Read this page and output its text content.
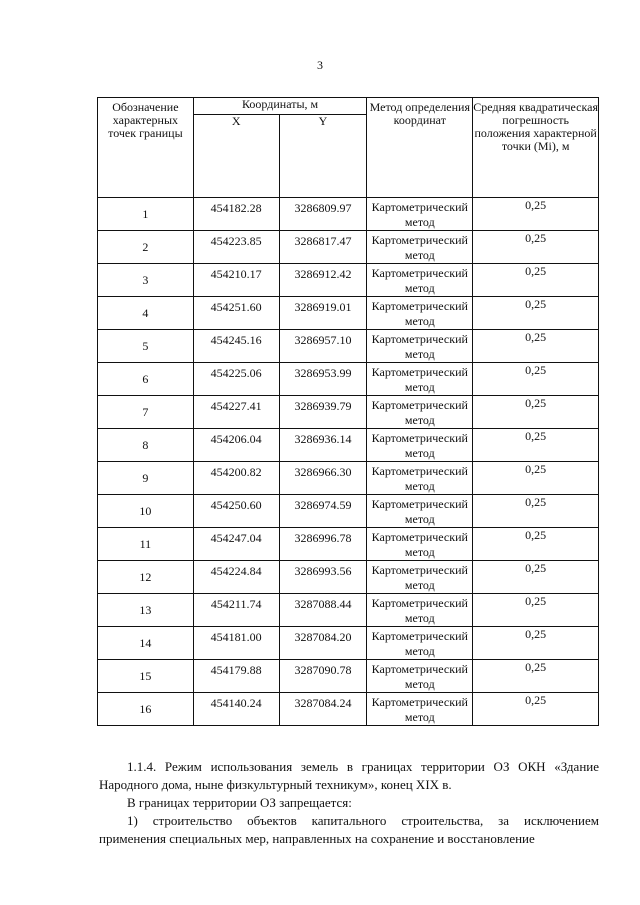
3
Обозначение характерных точек границы	Координаты, м		Метод определения координат	Средняя квадратическая погрешность положения характерной точки (Mi), м
	X	Y		
1	454182.28	3286809.97	Картометрический метод	0,25
2	454223.85	3286817.47	Картометрический метод	0,25
3	454210.17	3286912.42	Картометрический метод	0,25
4	454251.60	3286919.01	Картометрический метод	0,25
5	454245.16	3286957.10	Картометрический метод	0,25
6	454225.06	3286953.99	Картометрический метод	0,25
7	454227.41	3286939.79	Картометрический метод	0,25
8	454206.04	3286936.14	Картометрический метод	0,25
9	454200.82	3286966.30	Картометрический метод	0,25
10	454250.60	3286974.59	Картометрический метод	0,25
11	454247.04	3286996.78	Картометрический метод	0,25
12	454224.84	3286993.56	Картометрический метод	0,25
13	454211.74	3287088.44	Картометрический метод	0,25
14	454181.00	3287084.20	Картометрический метод	0,25
15	454179.88	3287090.78	Картометрический метод	0,25
16	454140.24	3287084.24	Картометрический метод	0,25

1.1.4. Режим использования земель в границах территории ОЗ ОКН «Здание Народного дома, ныне физкультурный техникум», конец XIX в.

В границах территории ОЗ запрещается:

1) строительство объектов капитального строительства, за исключением применения специальных мер, направленных на сохранение и восстановление
